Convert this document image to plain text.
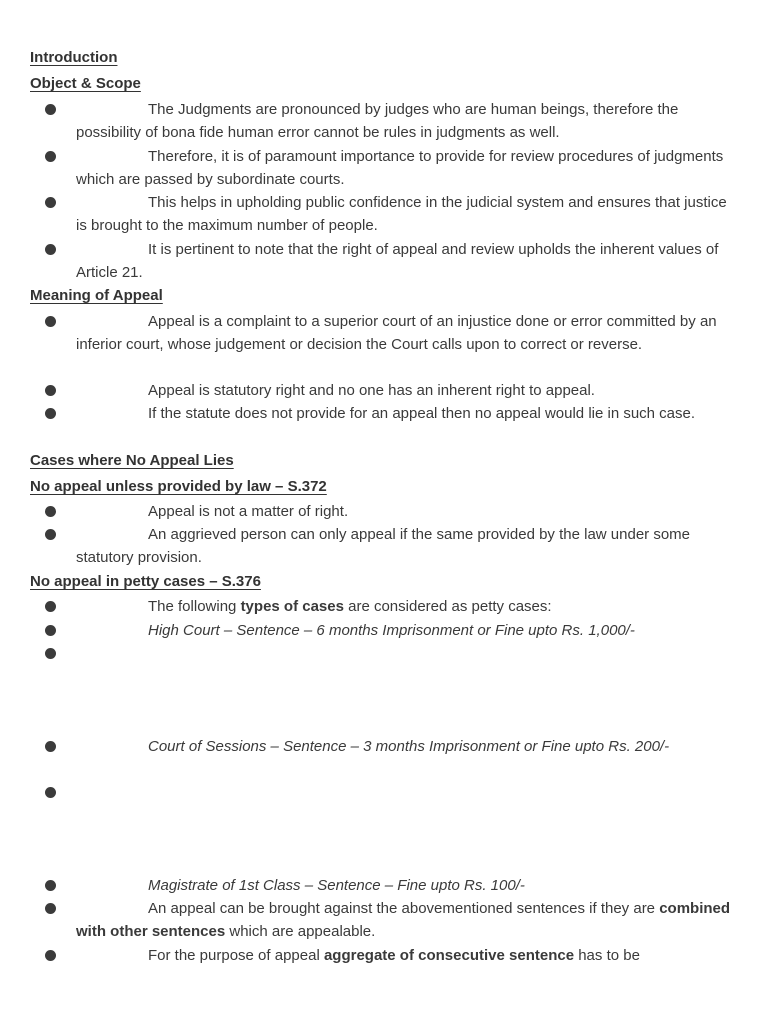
Introduction
Object & Scope
The Judgments are pronounced by judges who are human beings, therefore the possibility of bona fide human error cannot be rules in judgments as well.
Therefore, it is of paramount importance to provide for review procedures of judgments which are passed by subordinate courts.
This helps in upholding public confidence in the judicial system and ensures that justice is brought to the maximum number of people.
It is pertinent to note that the right of appeal and review upholds the inherent values of Article 21.
Meaning of Appeal
Appeal is a complaint to a superior court of an injustice done or error committed by an inferior court, whose judgement or decision the Court calls upon to correct or reverse.
Appeal is statutory right and no one has an inherent right to appeal.
If the statute does not provide for an appeal then no appeal would lie in such case.
Cases where No Appeal Lies
No appeal unless provided by law – S.372
Appeal is not a matter of right.
An aggrieved person can only appeal if the same provided by the law under some statutory provision.
No appeal in petty cases – S.376
The following types of cases are considered as petty cases:
High Court – Sentence – 6 months Imprisonment or Fine upto Rs. 1,000/-
Court of Sessions – Sentence – 3 months Imprisonment or Fine upto Rs. 200/-
Magistrate of 1st Class – Sentence – Fine upto Rs. 100/-
An appeal can be brought against the abovementioned sentences if they are combined with other sentences which are appealable.
For the purpose of appeal aggregate of consecutive sentence has to be
